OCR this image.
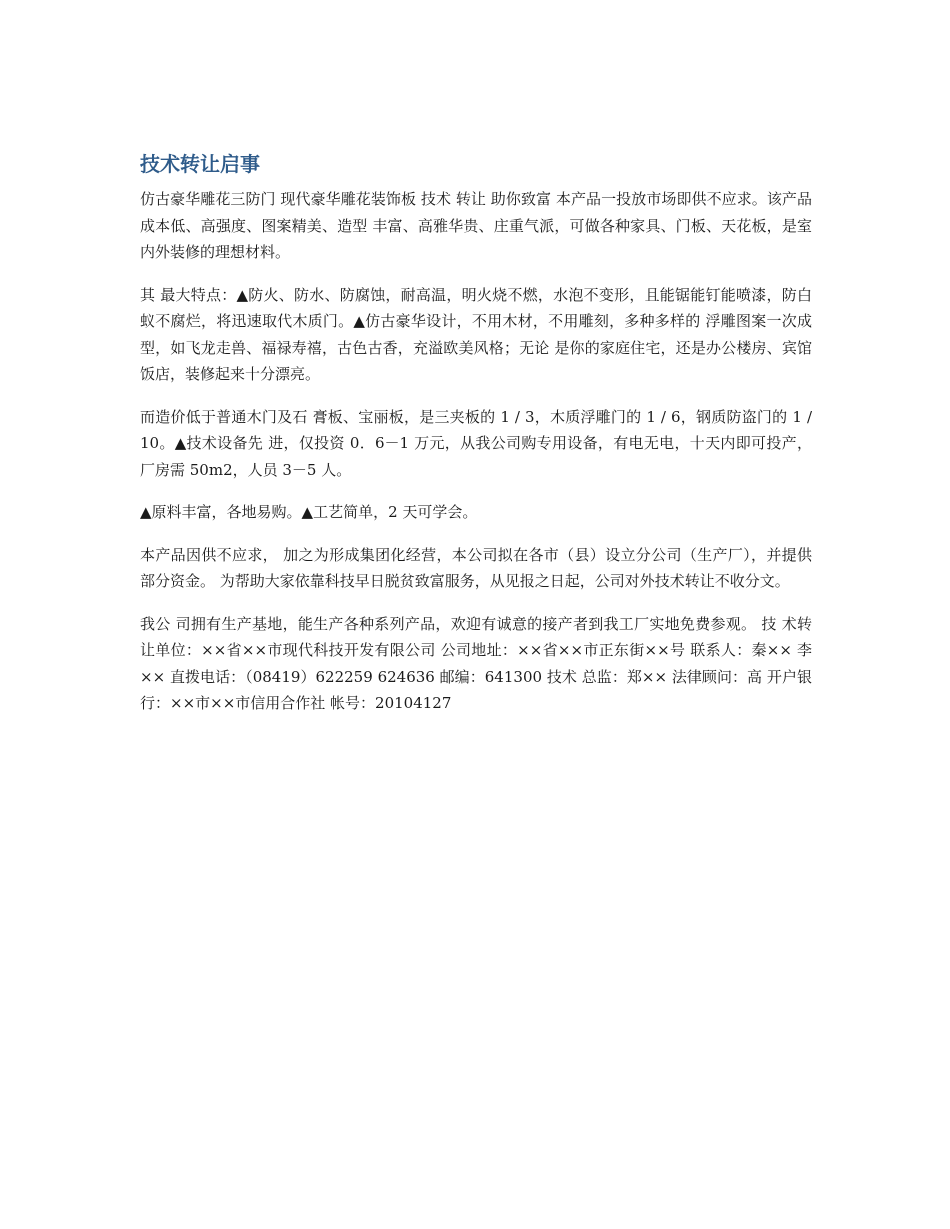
技术转让启事

仿古豪华雕花三防门 现代豪华雕花装饰板 技术 转让 助你致富 本产品一投放市场即供不应求。该产品成本低、高强度、图案精美、造型 丰富、高雅华贵、庄重气派，可做各种家具、门板、天花板，是室内外装修的理想材料。

其 最大特点：▲防火、防水、防腐蚀，耐高温，明火烧不燃，水泡不变形，且能锯能钉能喷漆，防白蚁不腐烂，将迅速取代木质门。▲仿古豪华设计，不用木材，不用雕刻，多种多样的 浮雕图案一次成型，如飞龙走兽、福禄寿禧，古色古香，充溢欧美风格；无论 是你的家庭住宅，还是办公楼房、宾馆饭店，装修起来十分漂亮。

而造价低于普通木门及石 膏板、宝丽板，是三夹板的 1 / 3，木质浮雕门的 1 / 6，钢质防盗门的 1 / 10。▲技术设备先 进，仅投资 0．6－1 万元，从我公司购专用设备，有电无电，十天内即可投产，厂房需 50m2，人员 3－5 人。

▲原料丰富，各地易购。▲工艺简单，2 天可学会。

本产品因供不应求， 加之为形成集团化经营，本公司拟在各市（县）设立分公司（生产厂），并提供部分资金。 为帮助大家依靠科技早日脱贫致富服务，从见报之日起，公司对外技术转让不收分文。

我公 司拥有生产基地，能生产各种系列产品，欢迎有诚意的接产者到我工厂实地免费参观。 技 术转让单位：××省××市现代科技开发有限公司 公司地址：××省××市正东街××号 联系人：秦×× 李×× 直拨电话：（08419）622259 624636 邮编：641300 技术 总监：郑×× 法律顾问：高 开户银行：××市××市信用合作社 帐号：20104127
